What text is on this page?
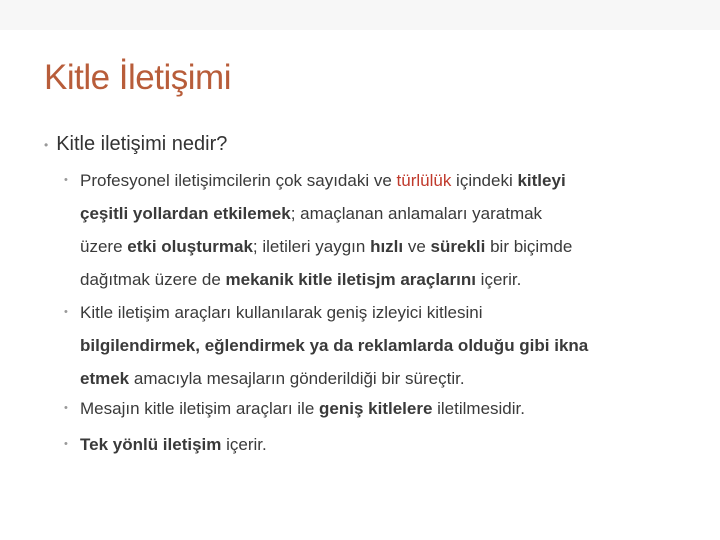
Kitle İletişimi
• Kitle iletişimi nedir?
• Profesyonel iletişimcilerin çok sayıdaki ve türlülük içindeki kitleyi
çeşitli yollardan etkilemek; amaçlanan anlamaları yaratmak
üzere etki oluşturmak; iletileri yaygın hızlı ve sürekli bir biçimde
dağıtmak üzere de mekanik kitle iletisjm araçlarını içerir.
• Kitle iletişim araçları kullanılarak geniş izleyici kitlesini
bilgilendirmek, eğlendirmek ya da reklamlarda olduğu gibi ikna
etmek amacıyla mesajların gönderildiği bir süreçtir.
• Mesajın kitle iletişim araçları ile geniş kitlelere iletilmesidir.
• Tek yönlü iletişim içerir.
